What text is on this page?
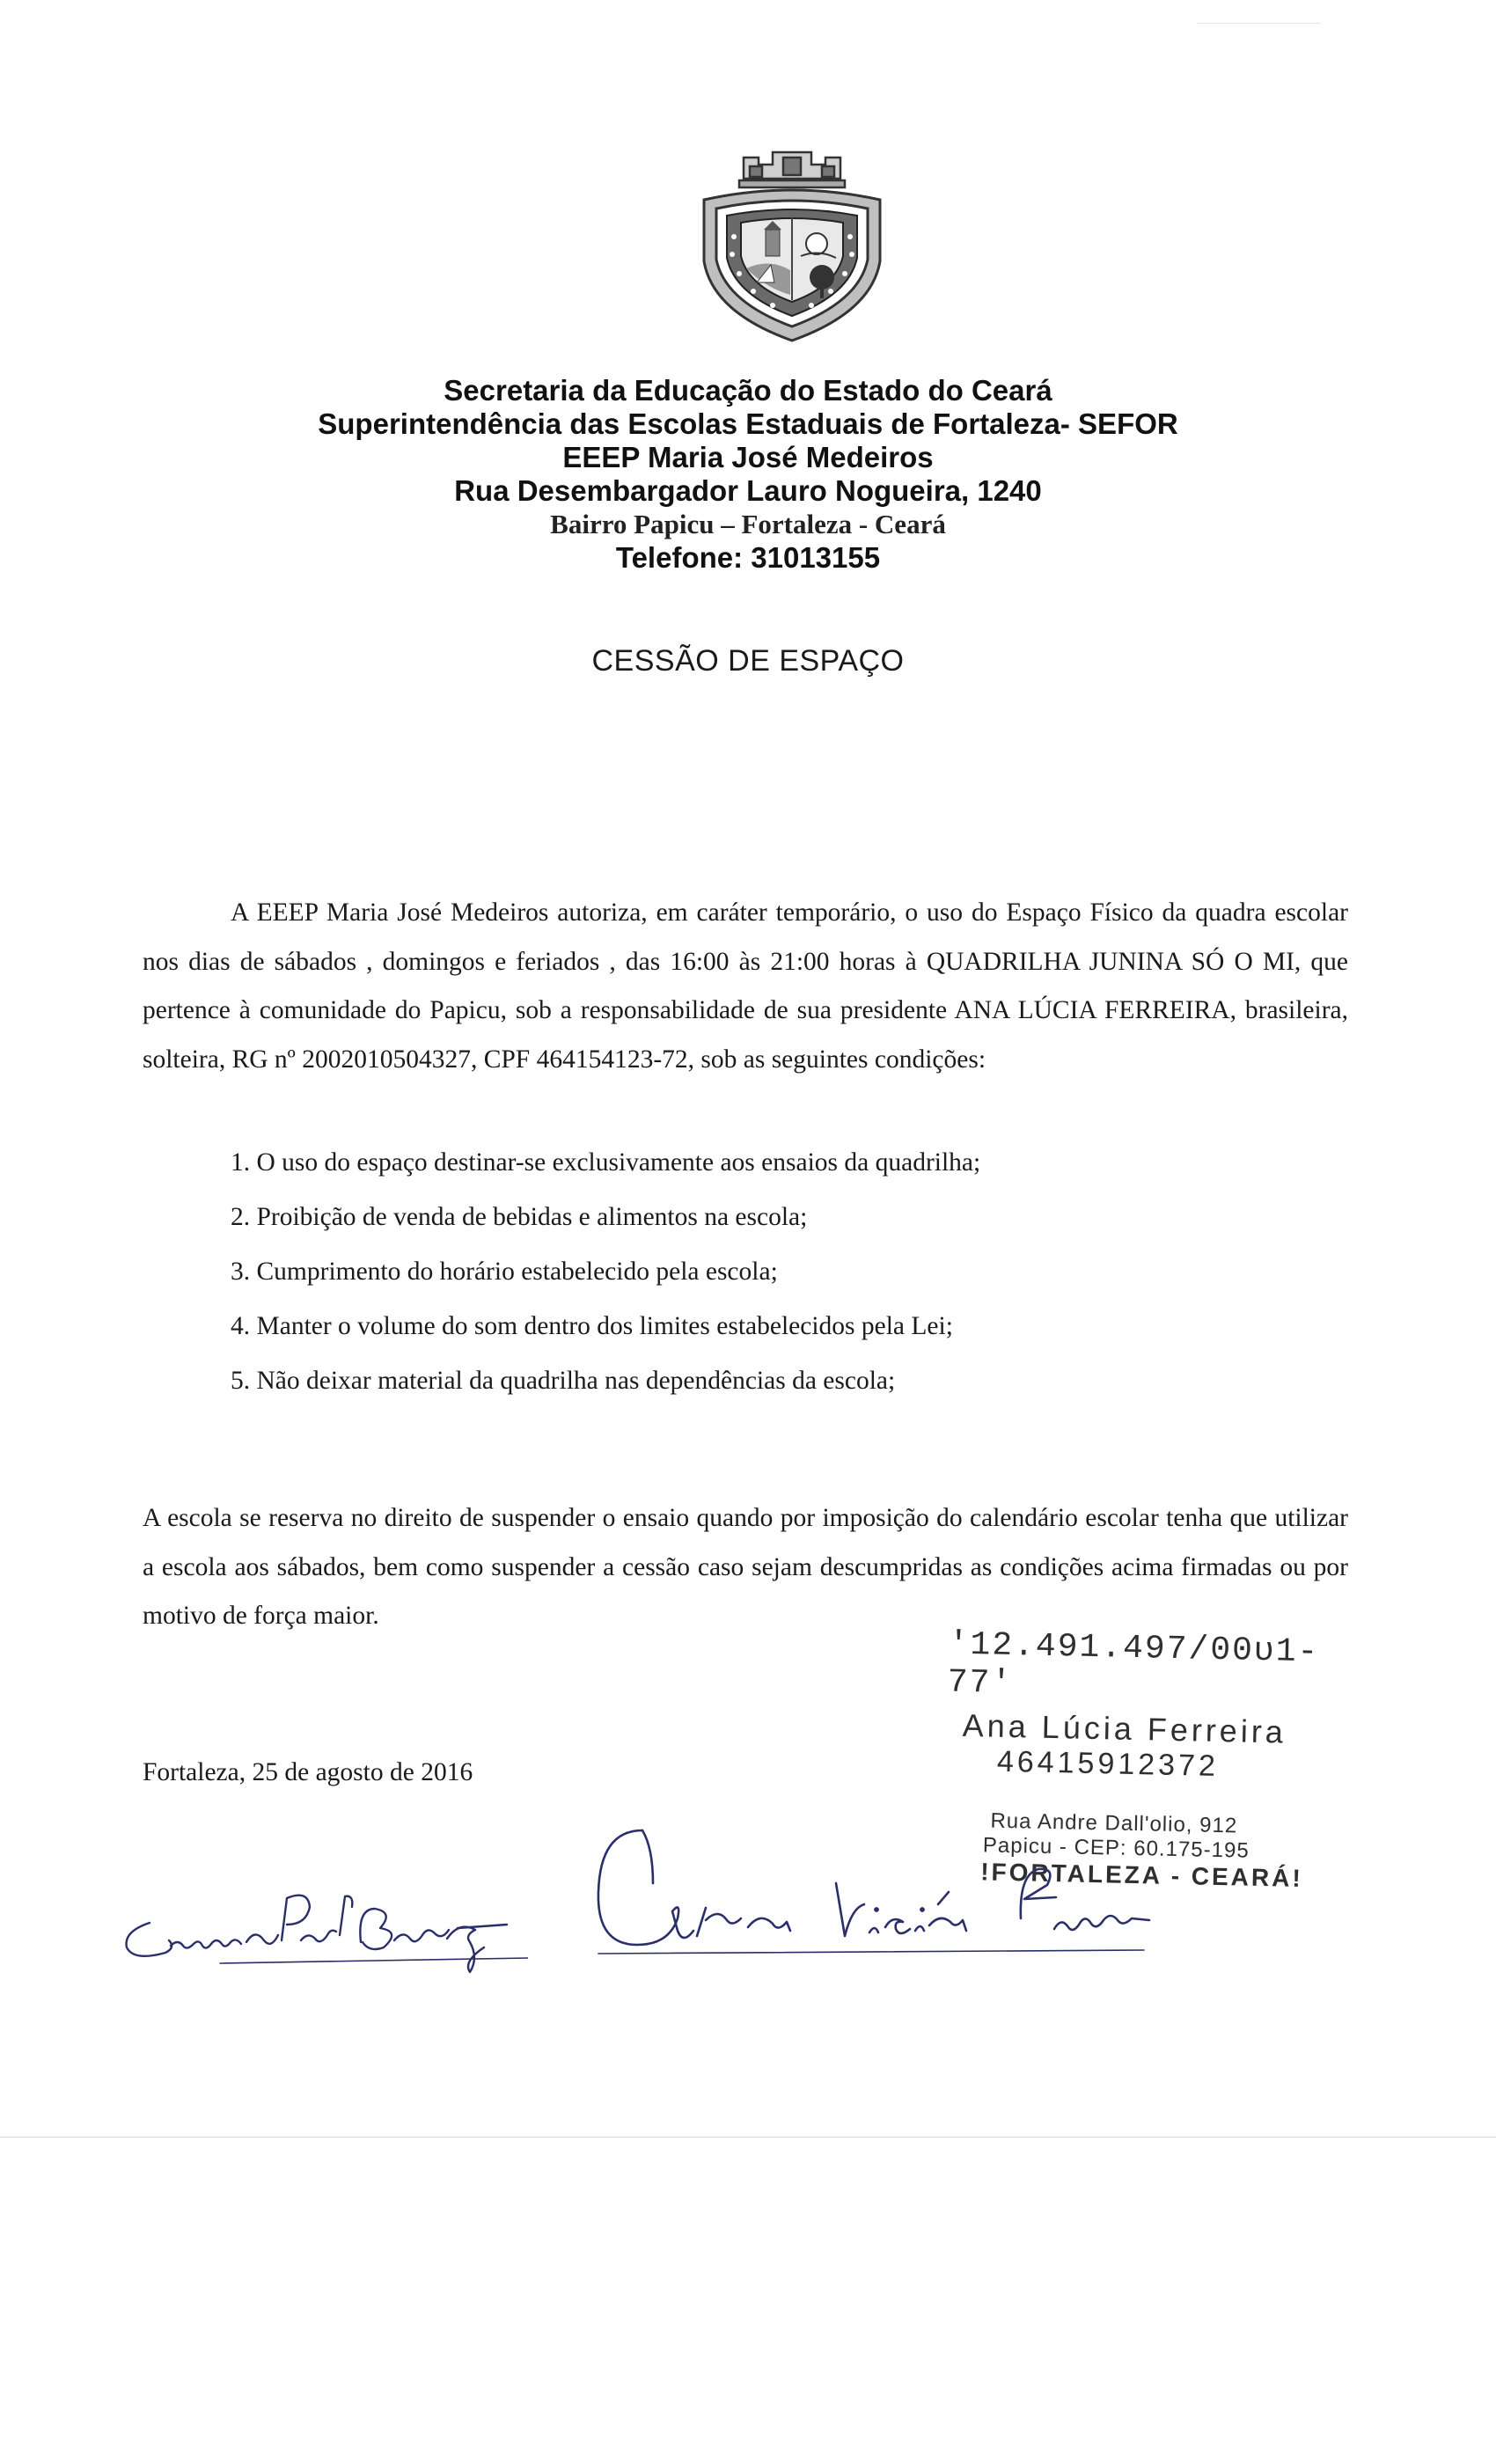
Secretaria da Educação do Estado do Ceará
Superintendência das Escolas Estaduais de Fortaleza- SEFOR
EEEP Maria José Medeiros
Rua Desembargador Lauro Nogueira, 1240
Bairro Papicu – Fortaleza - Ceará
Telefone: 31013155
CESSÃO DE ESPAÇO
A EEEP Maria José Medeiros autoriza, em caráter temporário, o uso do Espaço Físico da quadra escolar nos dias de sábados , domingos e feriados , das 16:00 às 21:00 horas à QUADRILHA JUNINA SÓ O MI, que pertence à comunidade do Papicu, sob a responsabilidade de sua presidente ANA LÚCIA FERREIRA, brasileira, solteira, RG nº 2002010504327, CPF 464154123-72, sob as seguintes condições:
1. O uso do espaço destinar-se exclusivamente aos ensaios da quadrilha;
2. Proibição de venda de bebidas e alimentos na escola;
3. Cumprimento do horário estabelecido pela escola;
4. Manter o volume do som dentro dos limites estabelecidos pela Lei;
5. Não deixar material da quadrilha nas dependências da escola;
A escola se reserva no direito de suspender o ensaio quando por imposição do calendário escolar tenha que utilizar a escola aos sábados, bem como suspender a cessão caso sejam descumpridas as condições acima firmadas ou por motivo de força maior.
Fortaleza, 25 de agosto de 2016
'12.491.497/00ʋ1-77'
Ana Lúcia Ferreira
46415912372
Rua Andre Dall'olio, 912
Papicu - CEP: 60.175-195
!FORTALEZA - CEARÁ!
